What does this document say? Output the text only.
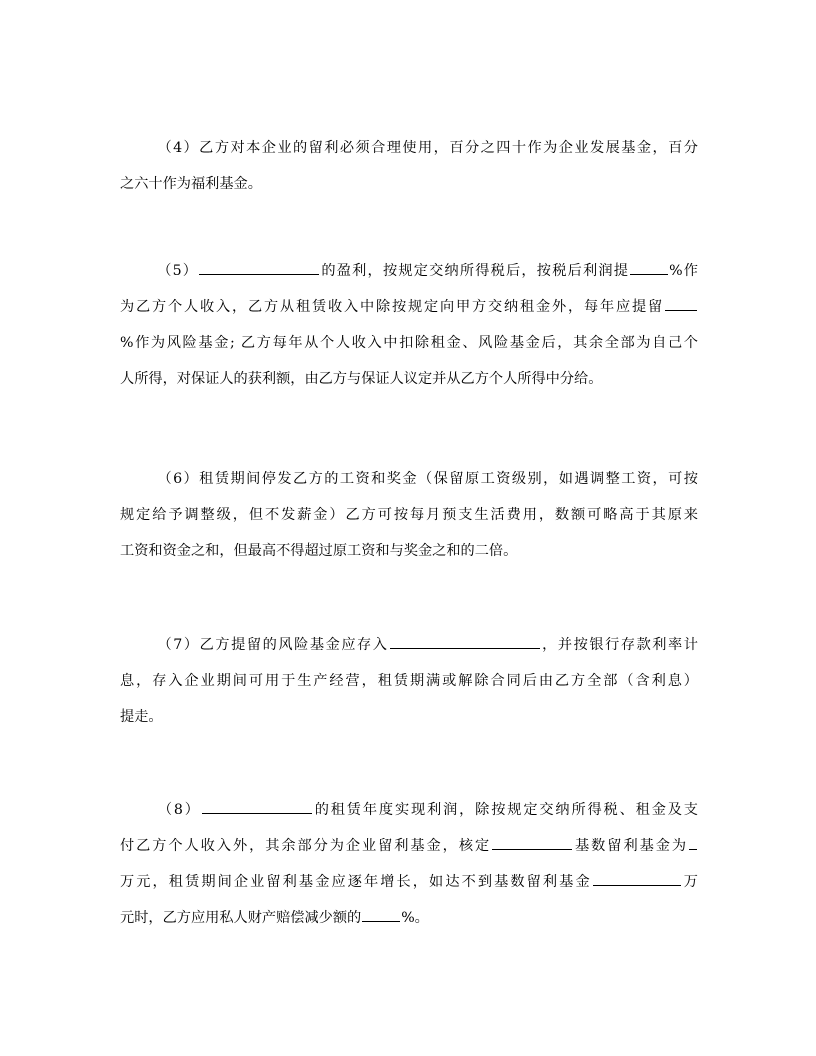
（4）乙方对本企业的留利必须合理使用，百分之四十作为企业发展基金，百分
之六十作为福利基金。
（5）	的盈利，按规定交纳所得税后，按税后利润提	%作
为乙方个人收入，乙方从租赁收入中除按规定向甲方交纳租金外，每年应提留
%作为风险基金; 乙方每年从个人收入中扣除租金、风险基金后，其余全部为自己个
人所得，对保证人的获利额，由乙方与保证人议定并从乙方个人所得中分给。
（6）租赁期间停发乙方的工资和奖金（保留原工资级别，如遇调整工资，可按
规定给予调整级，但不发薪金）乙方可按每月预支生活费用，数额可略高于其原来
工资和资金之和，但最高不得超过原工资和与奖金之和的二倍。
（7）乙方提留的风险基金应存入	，并按银行存款利率计
息，存入企业期间可用于生产经营，租赁期满或解除合同后由乙方全部（含利息）
提走。
（8）	的租赁年度实现利润，除按规定交纳所得税、租金及支
付乙方个人收入外，其余部分为企业留利基金，核定	基数留利基金为
万元，租赁期间企业留利基金应逐年增长，如达不到基数留利基金	万
元时，乙方应用私人财产赔偿减少额的	%。
